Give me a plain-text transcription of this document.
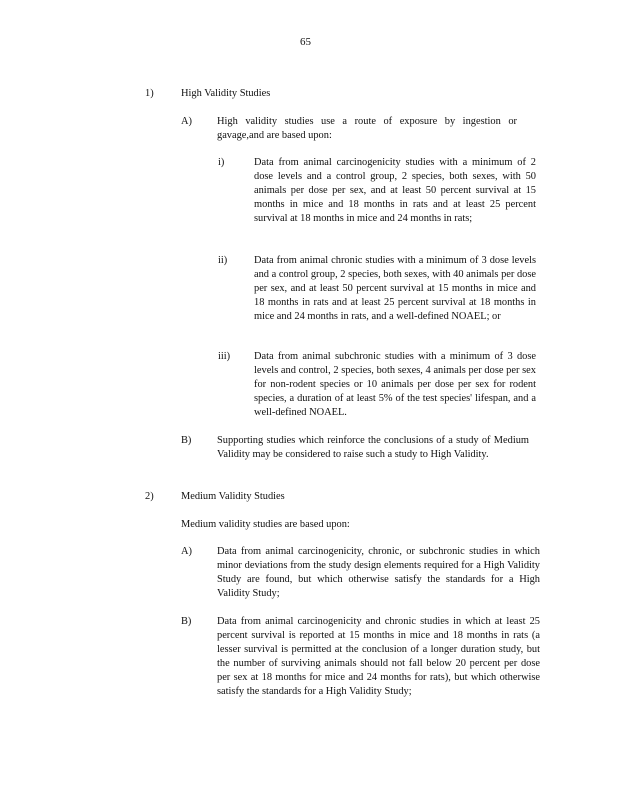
65
1)	High Validity Studies
A) High validity studies use a route of exposure by ingestion or gavage,and are based upon:
i)	Data from animal carcinogenicity studies with a minimum of 2 dose levels and a control group, 2 species, both sexes, with 50 animals per dose per sex, and at least 50 percent survival at 15 months in mice and 18 months in rats and at least 25 percent survival at 18 months in mice and 24 months in rats;
ii)	Data from animal chronic studies with a minimum of 3 dose levels and a control group, 2 species, both sexes, with 40 animals per dose per sex, and at least 50 percent survival at 15 months in mice and 18 months in rats and at least 25 percent survival at 18 months in mice and 24 months in rats, and a well-defined NOAEL; or
iii) Data from animal subchronic studies with a minimum of 3 dose levels and control, 2 species, both sexes, 4 animals per dose per sex for non-rodent species or 10 animals per dose per sex for rodent species, a duration of at least 5% of the test species' lifespan, and a well-defined NOAEL.
B) Supporting studies which reinforce the conclusions of a study of Medium Validity may be considered to raise such a study to High Validity.
2)	Medium Validity Studies
Medium validity studies are based upon:
A) Data from animal carcinogenicity, chronic, or subchronic studies in which minor deviations from the study design elements required for a High Validity Study are found, but which otherwise satisfy the standards for a High Validity Study;
B) Data from animal carcinogenicity and chronic studies in which at least 25 percent survival is reported at 15 months in mice and 18 months in rats (a lesser survival is permitted at the conclusion of a longer duration study, but the number of surviving animals should not fall below 20 percent per dose per sex at 18 months for mice and 24 months for rats), but which otherwise satisfy the standards for a High Validity Study;
